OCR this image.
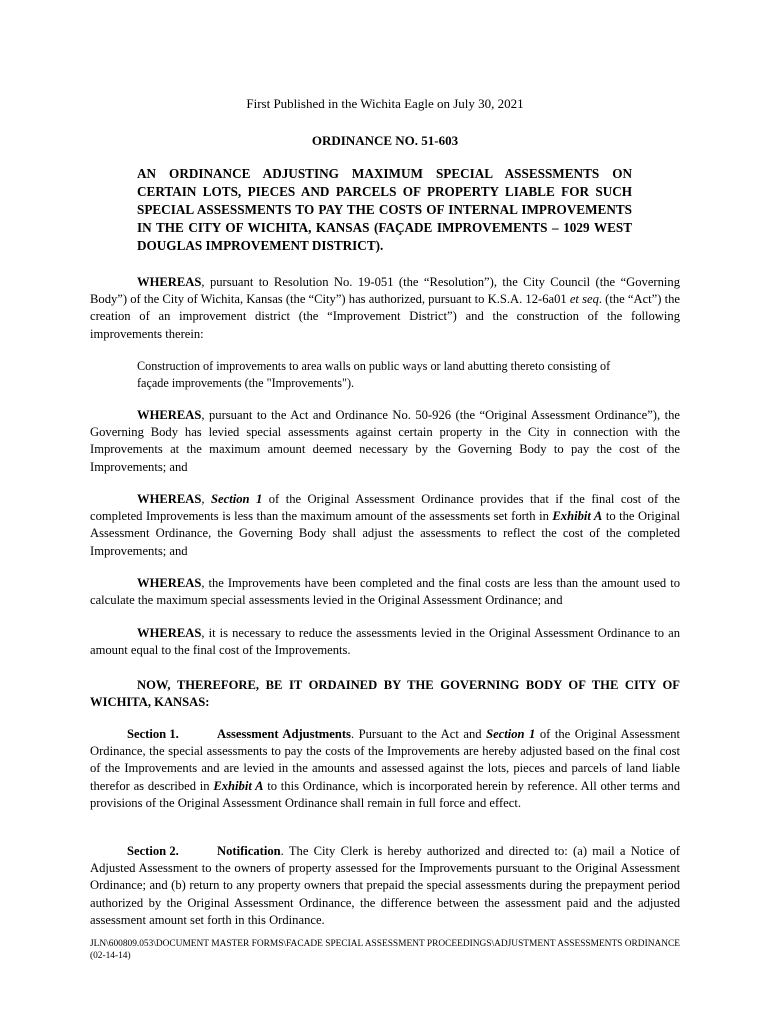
First Published in the Wichita Eagle on July 30, 2021
ORDINANCE NO. 51-603
AN ORDINANCE ADJUSTING MAXIMUM SPECIAL ASSESSMENTS ON CERTAIN LOTS, PIECES AND PARCELS OF PROPERTY LIABLE FOR SUCH SPECIAL ASSESSMENTS TO PAY THE COSTS OF INTERNAL IMPROVEMENTS IN THE CITY OF WICHITA, KANSAS (FAÇADE IMPROVEMENTS – 1029 WEST DOUGLAS IMPROVEMENT DISTRICT).
WHEREAS, pursuant to Resolution No. 19-051 (the “Resolution”), the City Council (the “Governing Body”) of the City of Wichita, Kansas (the “City”) has authorized, pursuant to K.S.A. 12-6a01 et seq. (the “Act”) the creation of an improvement district (the “Improvement District”) and the construction of the following improvements therein:
Construction of improvements to area walls on public ways or land abutting thereto consisting of façade improvements (the "Improvements").
WHEREAS, pursuant to the Act and Ordinance No. 50-926 (the “Original Assessment Ordinance”), the Governing Body has levied special assessments against certain property in the City in connection with the Improvements at the maximum amount deemed necessary by the Governing Body to pay the cost of the Improvements; and
WHEREAS, Section 1 of the Original Assessment Ordinance provides that if the final cost of the completed Improvements is less than the maximum amount of the assessments set forth in Exhibit A to the Original Assessment Ordinance, the Governing Body shall adjust the assessments to reflect the cost of the completed Improvements; and
WHEREAS, the Improvements have been completed and the final costs are less than the amount used to calculate the maximum special assessments levied in the Original Assessment Ordinance; and
WHEREAS, it is necessary to reduce the assessments levied in the Original Assessment Ordinance to an amount equal to the final cost of the Improvements.
NOW, THEREFORE, BE IT ORDAINED BY THE GOVERNING BODY OF THE CITY OF WICHITA, KANSAS:
Section 1.	Assessment Adjustments. Pursuant to the Act and Section 1 of the Original Assessment Ordinance, the special assessments to pay the costs of the Improvements are hereby adjusted based on the final cost of the Improvements and are levied in the amounts and assessed against the lots, pieces and parcels of land liable therefor as described in Exhibit A to this Ordinance, which is incorporated herein by reference. All other terms and provisions of the Original Assessment Ordinance shall remain in full force and effect.
Section 2.	Notification. The City Clerk is hereby authorized and directed to: (a) mail a Notice of Adjusted Assessment to the owners of property assessed for the Improvements pursuant to the Original Assessment Ordinance; and (b) return to any property owners that prepaid the special assessments during the prepayment period authorized by the Original Assessment Ordinance, the difference between the assessment paid and the adjusted assessment amount set forth in this Ordinance.
JLN\600809.053\DOCUMENT MASTER FORMS\FACADE SPECIAL ASSESSMENT PROCEEDINGS\ADJUSTMENT ASSESSMENTS ORDINANCE (02-14-14)
